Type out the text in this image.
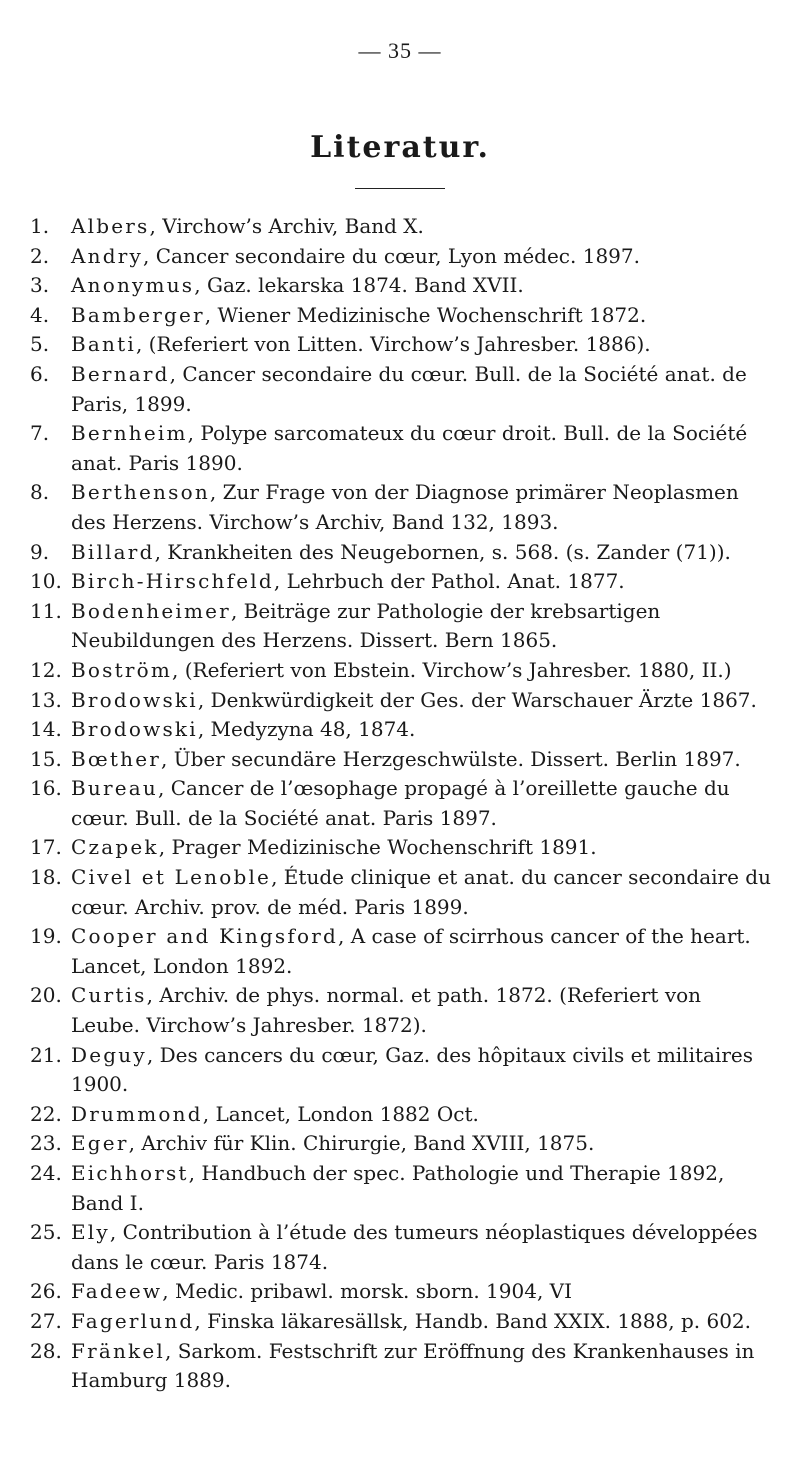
— 35 —
Literatur.
1.	Albers, Virchow’s Archiv, Band X.
2.	Andry, Cancer secondaire du cœur, Lyon médec. 1897.
3.	Anonymus, Gaz. lekarska 1874. Band XVII.
4.	Bamberger, Wiener Medizinische Wochenschrift 1872.
5.	Banti, (Referiert von Litten. Virchow’s Jahresber. 1886).
6.	Bernard, Cancer secondaire du cœur. Bull. de la Société anat. de Paris, 1899.
7.	Bernheim, Polype sarcomateux du cœur droit. Bull. de la Société anat. Paris 1890.
8.	Berthenson, Zur Frage von der Diagnose primärer Neoplasmen des Herzens. Virchow’s Archiv, Band 132, 1893.
9.	Billard, Krankheiten des Neugebornen, s. 568. (s. Zander (71)).
10. Birch-Hirschfeld, Lehrbuch der Pathol. Anat. 1877.
11. Bodenheimer, Beiträge zur Pathologie der krebsartigen Neubildungen des Herzens. Dissert. Bern 1865.
12. Boström, (Referiert von Ebstein. Virchow’s Jahresber. 1880, II.)
13. Brodowski, Denkwürdigkeit der Ges. der Warschauer Ärzte 1867.
14. Brodowski, Medyzyna 48, 1874.
15. Bœther, Über secundäre Herzgeschwülste. Dissert. Berlin 1897.
16. Bureau, Cancer de l’œsophage propagé à l’oreillette gauche du cœur. Bull. de la Société anat. Paris 1897.
17. Czapek, Prager Medizinische Wochenschrift 1891.
18. Civel et Lenoble, Étude clinique et anat. du cancer secondaire du cœur. Archiv. prov. de méd. Paris 1899.
19. Cooper and Kingsford, A case of scirrhous cancer of the heart. Lancet, London 1892.
20. Curtis, Archiv. de phys. normal. et path. 1872. (Referiert von Leube. Virchow’s Jahresber. 1872).
21. Deguy, Des cancers du cœur, Gaz. des hôpitaux civils et militaires 1900.
22. Drummond, Lancet, London 1882 Oct.
23. Eger, Archiv für Klin. Chirurgie, Band XVIII, 1875.
24. Eichhorst, Handbuch der spec. Pathologie und Therapie 1892, Band I.
25. Ely, Contribution à l’étude des tumeurs néoplastiques développées dans le cœur. Paris 1874.
26. Fadeew, Medic. pribawl. morsk. sborn. 1904, VI
27. Fagerlund, Finska läkaresällsk, Handb. Band XXIX. 1888, p. 602.
28. Fränkel, Sarkom. Festschrift zur Eröffnung des Krankenhauses in Hamburg 1889.
